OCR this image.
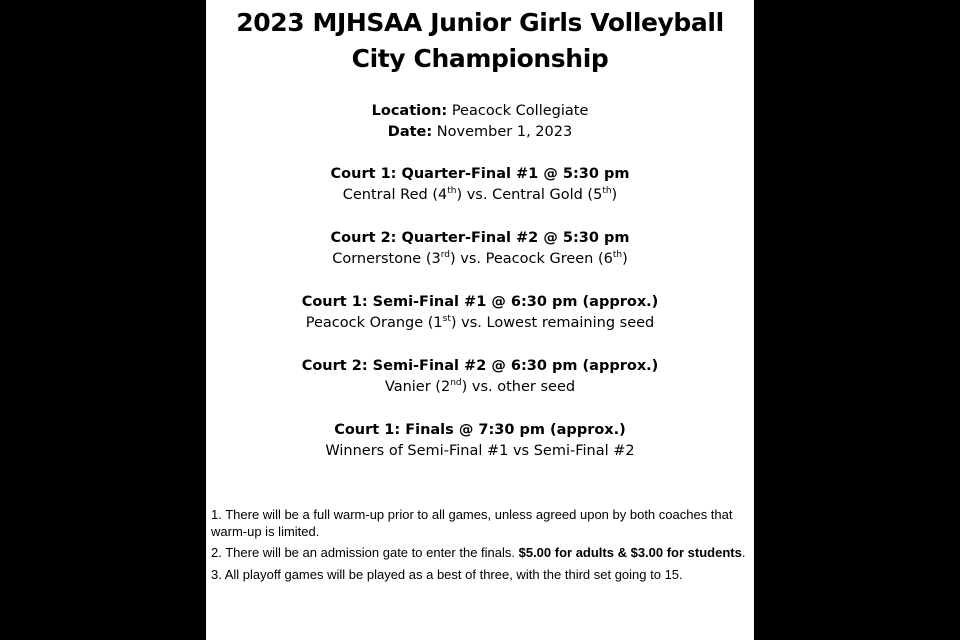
2023 MJHSAA Junior Girls Volleyball
City Championship
Location: Peacock Collegiate
Date: November 1, 2023
Court 1: Quarter-Final #1 @ 5:30 pm
Central Red (4th) vs. Central Gold (5th)
Court 2: Quarter-Final #2 @ 5:30 pm
Cornerstone (3rd) vs. Peacock Green (6th)
Court 1: Semi-Final #1 @ 6:30 pm (approx.)
Peacock Orange (1st) vs. Lowest remaining seed
Court 2: Semi-Final #2 @ 6:30 pm (approx.)
Vanier (2nd) vs. other seed
Court 1: Finals @ 7:30 pm (approx.)
Winners of Semi-Final #1 vs Semi-Final #2

1. There will be a full warm-up prior to all games, unless agreed upon by both coaches that warm-up is limited.

2. There will be an admission gate to enter the finals. $5.00 for adults & $3.00 for students.

3. All playoff games will be played as a best of three, with the third set going to 15.
